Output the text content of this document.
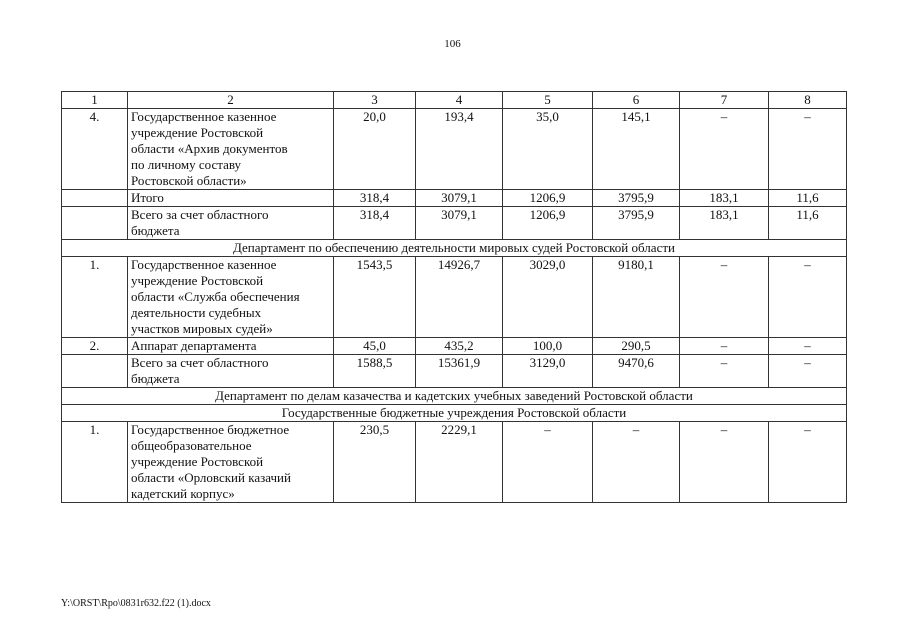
106
1	2	3	4	5	6	7	8
4.	Государственное казенное
учреждение Ростовской
области «Архив документов
по личному составу
Ростовской области»	20,0	193,4	35,0	145,1	–	–

	Итого	318,4	3079,1	1206,9	3795,9	183,1	11,6

	Всего за счет областного
бюджета	318,4	3079,1	1206,9	3795,9	183,1	11,6
Департамент по обеспечению деятельности мировых судей Ростовской области							
1.	Государственное казенное
учреждение Ростовской
области «Служба обеспечения
деятельности судебных
участков мировых судей»	1543,5	14926,7	3029,0	9180,1	–	–
2.	Аппарат департамента	45,0	435,2	100,0	290,5	–	–

	Всего за счет областного
бюджета	1588,5	15361,9	3129,0	9470,6	–	–
Департамент по делам казачества и кадетских учебных заведений Ростовской области							
Государственные бюджетные учреждения Ростовской области							
1.	Государственное бюджетное
общеобразовательное
учреждение Ростовской
области «Орловский казачий
кадетский корпус»	230,5	2229,1	–	–	–	–
Y:\ORST\Rpo\0831r632.f22 (1).docx
